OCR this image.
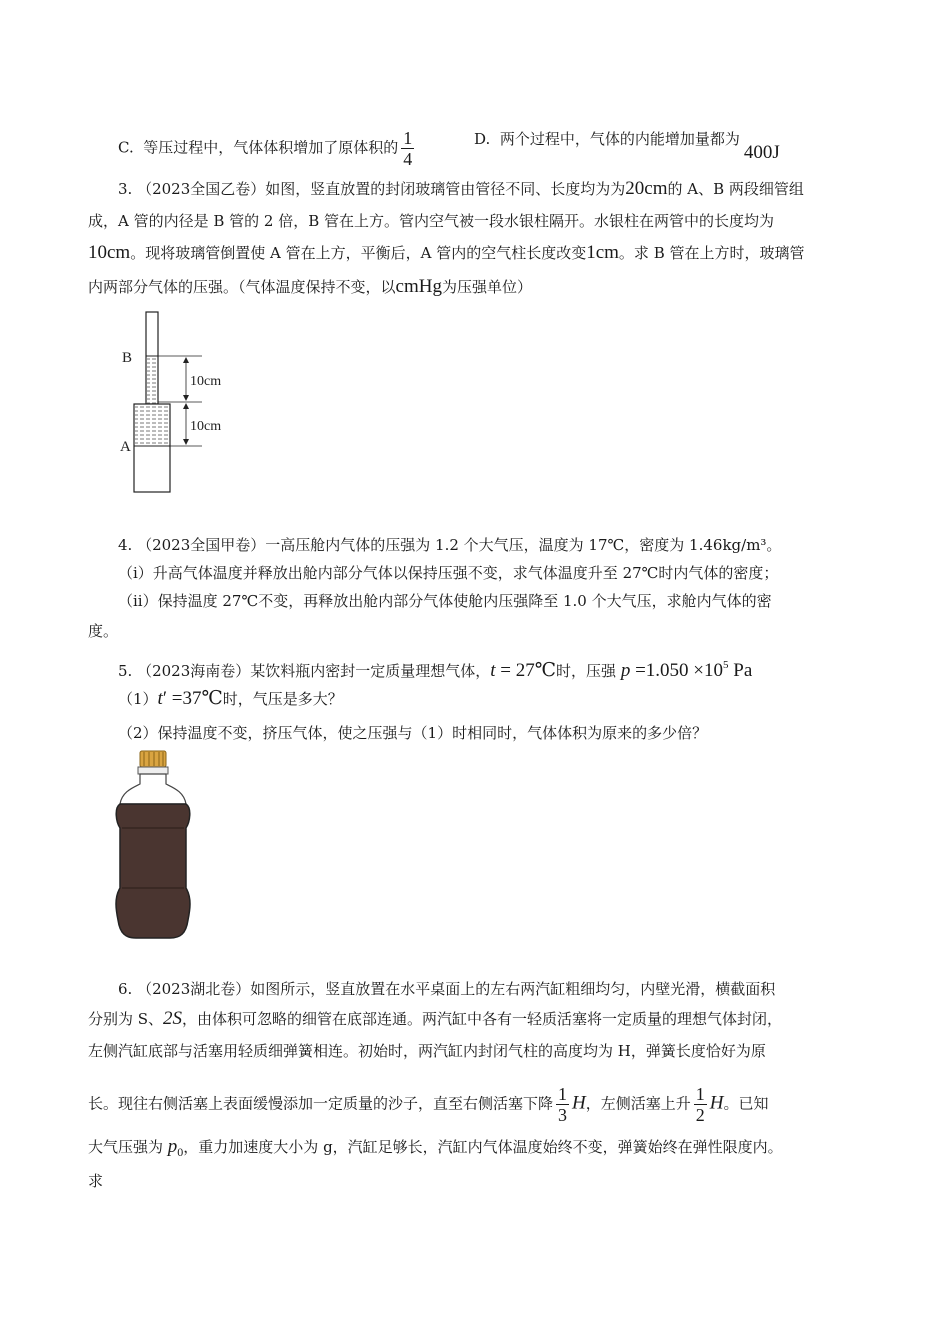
C. 等压过程中，气体体积增加了原体积的 $\frac{1}{4}$	D. 两个过程中，气体的内能增加量都为400J
3. （2023全国乙卷）如图，竖直放置的封闭玻璃管由管径不同、长度均为为20cm的 A、B 两段细管组
成，A 管的内径是 B 管的 2 倍，B 管在上方。管内空气被一段水银柱隔开。水银柱在两管中的长度均为
10cm。现将玻璃管倒置使 A 管在上方，平衡后，A 管内的空气柱长度改变1cm。求 B 管在上方时，玻璃管
内两部分气体的压强。（气体温度保持不变，以cmHg为压强单位）
B
A
10cm
10cm
4. （2023全国甲卷）一高压舱内气体的压强为 1.2 个大气压，温度为 17℃，密度为 1.46kg/m³。
（i）升高气体温度并释放出舱内部分气体以保持压强不变，求气体温度升至 27℃时内气体的密度；
（ii）保持温度 27℃不变，再释放出舱内部分气体使舱内压强降至 1.0 个大气压，求舱内气体的密
度。
5. （2023海南卷）某饮料瓶内密封一定质量理想气体，t = 27℃时，压强 $p =1.050 \times 10^5$ Pa
（1）t′ =37℃时，气压是多大？
（2）保持温度不变，挤压气体，使之压强与（1）时相同时，气体体积为原来的多少倍？
6. （2023湖北卷）如图所示，竖直放置在水平桌面上的左右两汽缸粗细均匀，内壁光滑，横截面积
分别为 S、2S，由体积可忽略的细管在底部连通。两汽缸中各有一轻质活塞将一定质量的理想气体封闭，
左侧汽缸底部与活塞用轻质细弹簧相连。初始时，两汽缸内封闭气柱的高度均为 H，弹簧长度恰好为原
长。现往右侧活塞上表面缓慢添加一定质量的沙子，直至右侧活塞下降 $\frac{1}{3}$ H，左侧活塞上升 $\frac{1}{2}$ H。已知
大气压强为 $p_0$，重力加速度大小为 g，汽缸足够长，汽缸内气体温度始终不变，弹簧始终在弹性限度内。
求
